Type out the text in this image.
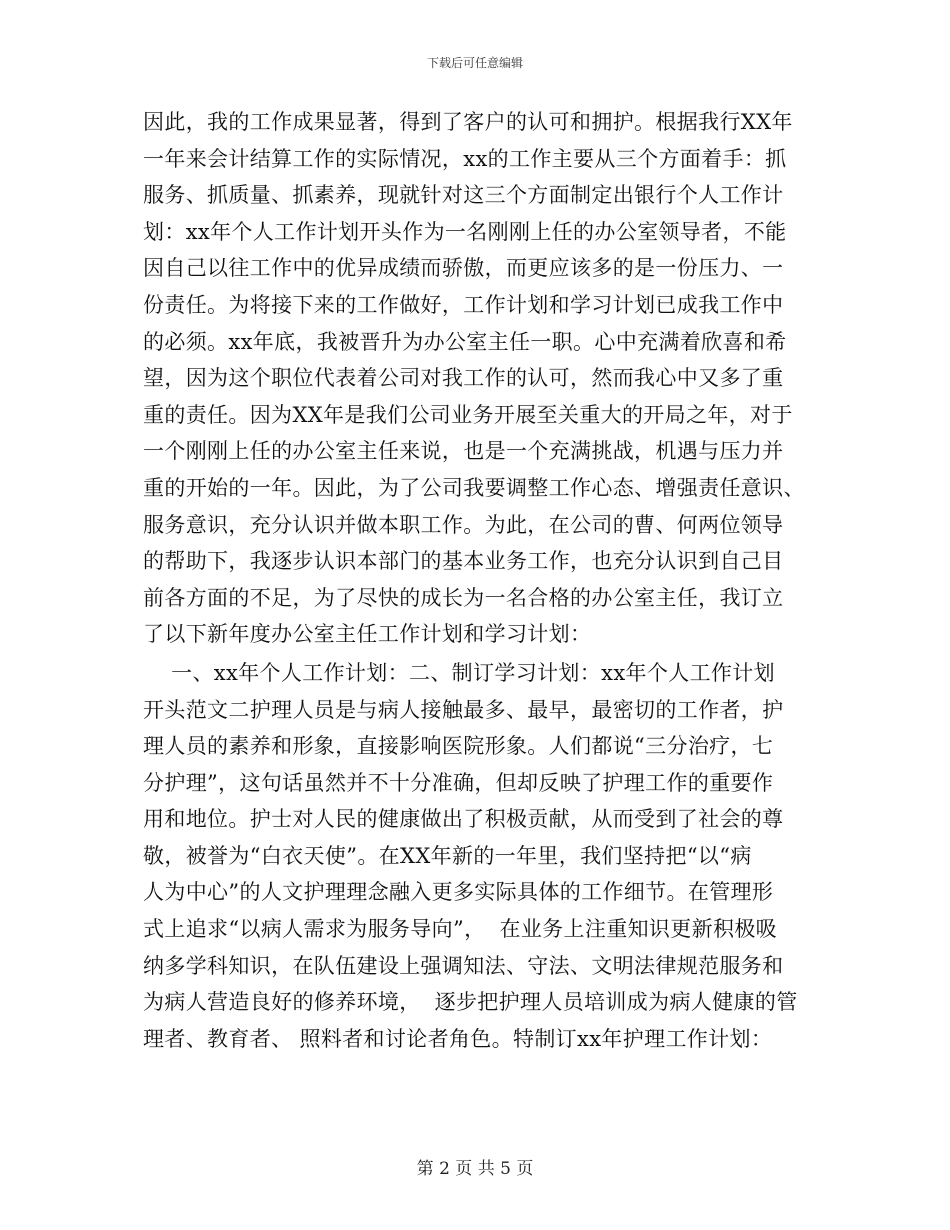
下载后可任意编辑
因此，我的工作成果显著，得到了客户的认可和拥护。根据我行XX年
一年来会计结算工作的实际情况，xx的工作主要从三个方面着手：抓
服务、抓质量、抓素养，现就针对这三个方面制定出银行个人工作计
划：xx年个人工作计划开头作为一名刚刚上任的办公室领导者，不能
因自己以往工作中的优异成绩而骄傲，而更应该多的是一份压力、一
份责任。为将接下来的工作做好，工作计划和学习计划已成我工作中
的必须。xx年底，我被晋升为办公室主任一职。心中充满着欣喜和希
望，因为这个职位代表着公司对我工作的认可，然而我心中又多了重
重的责任。因为XX年是我们公司业务开展至关重大的开局之年，对于
一个刚刚上任的办公室主任来说，也是一个充满挑战，机遇与压力并
重的开始的一年。因此，为了公司我要调整工作心态、增强责任意识、
服务意识，充分认识并做本职工作。为此，在公司的曹、何两位领导
的帮助下，我逐步认识本部门的基本业务工作，也充分认识到自己目
前各方面的不足，为了尽快的成长为一名合格的办公室主任，我订立
了以下新年度办公室主任工作计划和学习计划：
一、xx年个人工作计划：二、制订学习计划：xx年个人工作计划
开头范文二护理人员是与病人接触最多、最早，最密切的工作者，护
理人员的素养和形象，直接影响医院形象。人们都说“三分治疗，七
分护理”，这句话虽然并不十分准确，但却反映了护理工作的重要作
用和地位。护士对人民的健康做出了积极贡献，从而受到了社会的尊
敬，被誉为“白衣天使”。在XX年新的一年里，我们坚持把“以“病
人为中心”的人文护理理念融入更多实际具体的工作细节。在管理形
式上追求“以病人需求为服务导向”，  在业务上注重知识更新积极吸
纳多学科知识，在队伍建设上强调知法、守法、文明法律规范服务和
为病人营造良好的修养环境，  逐步把护理人员培训成为病人健康的管
理者、教育者、 照料者和讨论者角色。特制订xx年护理工作计划：
第 2 页 共 5 页
